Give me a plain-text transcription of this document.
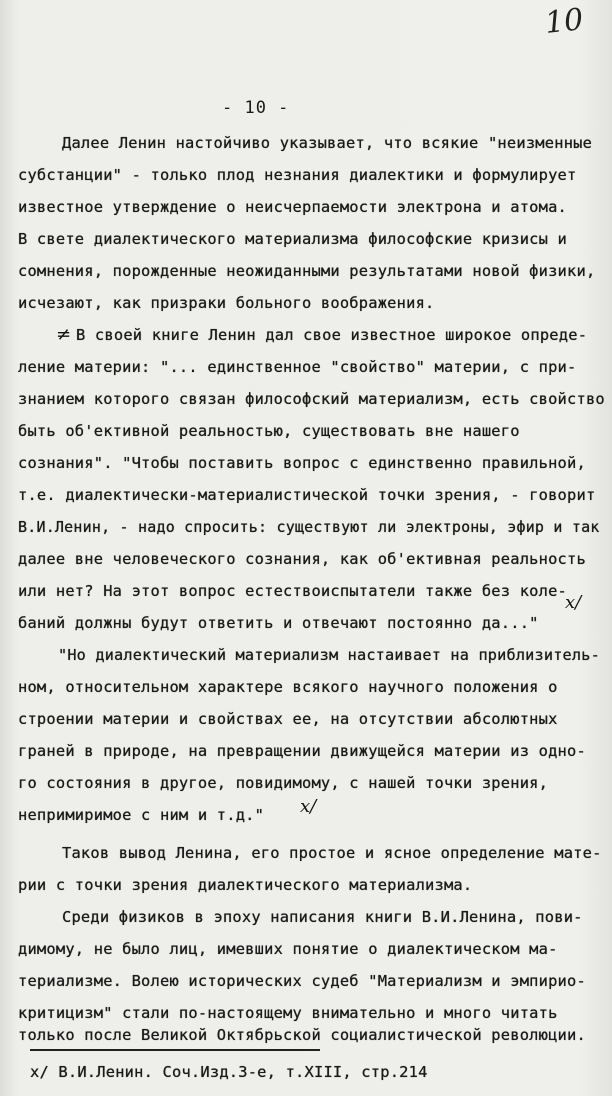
10
- 10 -
Далее Ленин настойчиво указывает, что всякие "неизменные
субстанции" - только плод незнания диалектики и формулирует
известное утверждение о неисчерпаемости электрона и атома.
В свете диалектического материализма философские кризисы и
сомнения, порожденные неожиданными результатами новой физики,
исчезают, как призраки больного воображения.
≠ В своей книге Ленин дал свое известное широкое опреде-
ление материи: "... единственное "свойство" материи, с при-
знанием которого связан философский материализм, есть свойство
быть об'ективной реальностью, существовать вне нашего
сознания". "Чтобы поставить вопрос с единственно правильной,
т.е. диалектически-материалистической точки зрения, - говорит
В.И.Ленин, - надо спросить: существуют ли электроны, эфир и так
далее вне человеческого сознания, как об'ективная реальность
или нет? На этот вопрос естествоиспытатели также без коле-
x/
баний должны будут ответить и отвечают постоянно да..."
"Но диалектический материализм настаивает на приблизитель-
ном, относительном характере всякого научного положения о
строении материи и свойствах ее, на отсутствии абсолютных
граней в природе, на превращении движущейся материи из одно-
го состояния в другое, повидимому, с нашей точки зрения,
непримиримое с ним и т.д." x/
Таков вывод Ленина, его простое и ясное определение мате-
рии с точки зрения диалектического материализма.
Среди физиков в эпоху написания книги В.И.Ленина, пови-
димому, не было лиц, имевших понятие о диалектическом ма-
териализме. Волею исторических судеб "Материализм и эмпирио-
критицизм" стали по-настоящему внимательно и много читать
только после Великой Октябрьской социалистической революции.
x/ В.И.Ленин. Соч.Изд.3-е, т.XIII, стр.214
